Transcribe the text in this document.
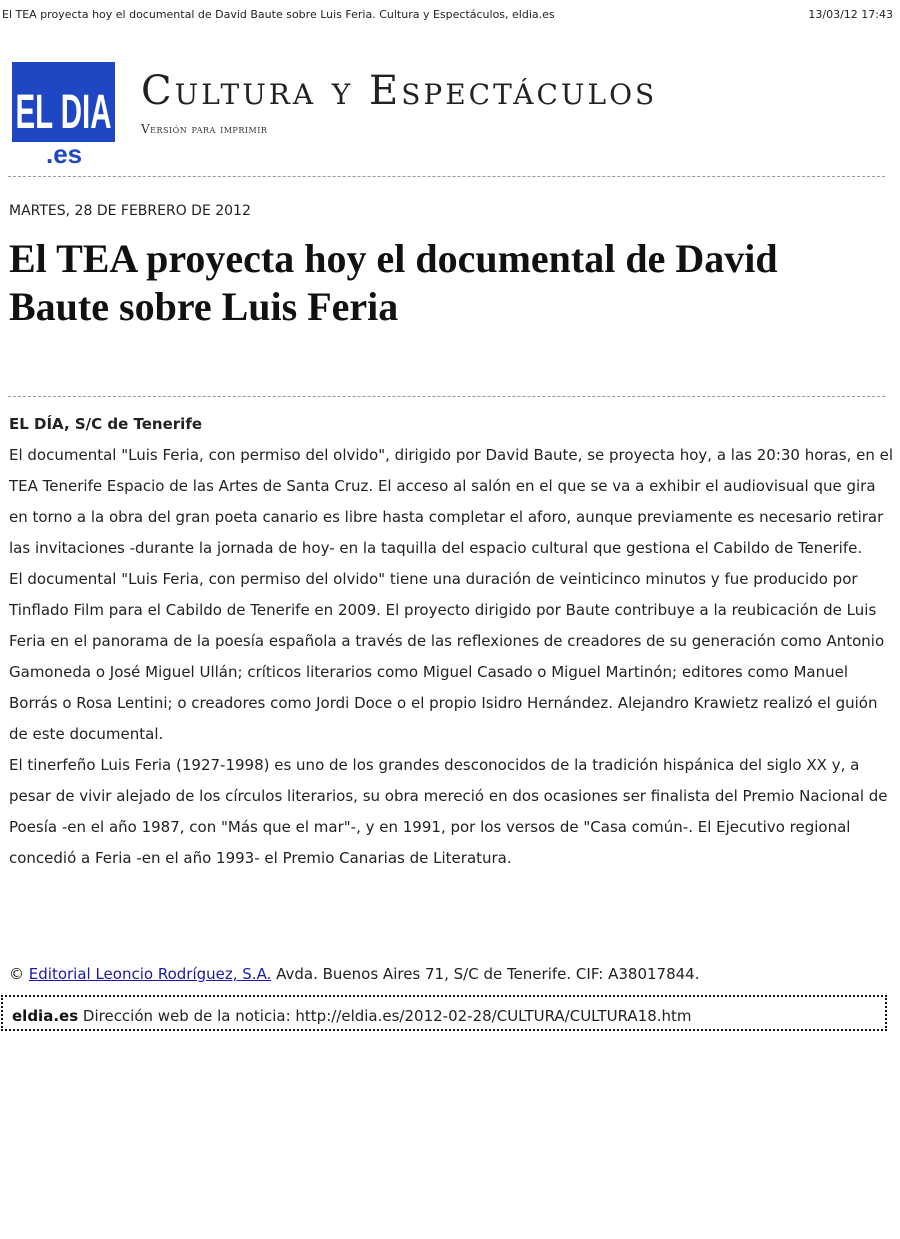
El TEA proyecta hoy el documental de David Baute sobre Luis Feria. Cultura y Espectáculos, eldia.es	13/03/12 17:43
EL DIA
.es
Cultura y Espectáculos
Versión para imprimir
MARTES, 28 DE FEBRERO DE 2012
El TEA proyecta hoy el documental de David Baute sobre Luis Feria
EL DÍA, S/C de Tenerife

El documental "Luis Feria, con permiso del olvido", dirigido por David Baute, se proyecta hoy, a las 20:30 horas, en el TEA Tenerife Espacio de las Artes de Santa Cruz. El acceso al salón en el que se va a exhibir el audiovisual que gira en torno a la obra del gran poeta canario es libre hasta completar el aforo, aunque previamente es necesario retirar las invitaciones -durante la jornada de hoy- en la taquilla del espacio cultural que gestiona el Cabildo de Tenerife.

El documental "Luis Feria, con permiso del olvido" tiene una duración de veinticinco minutos y fue producido por Tinflado Film para el Cabildo de Tenerife en 2009. El proyecto dirigido por Baute contribuye a la reubicación de Luis Feria en el panorama de la poesía española a través de las reflexiones de creadores de su generación como Antonio Gamoneda o José Miguel Ullán; críticos literarios como Miguel Casado o Miguel Martinón; editores como Manuel Borrás o Rosa Lentini; o creadores como Jordi Doce o el propio Isidro Hernández. Alejandro Krawietz realizó el guión de este documental.

El tinerfeño Luis Feria (1927-1998) es uno de los grandes desconocidos de la tradición hispánica del siglo XX y, a pesar de vivir alejado de los círculos literarios, su obra mereció en dos ocasiones ser finalista del Premio Nacional de Poesía -en el año 1987, con "Más que el mar"-, y en 1991, por los versos de "Casa común-. El Ejecutivo regional concedió a Feria -en el año 1993- el Premio Canarias de Literatura.

© Editorial Leoncio Rodríguez, S.A. Avda. Buenos Aires 71, S/C de Tenerife. CIF: A38017844.
eldia.es Dirección web de la noticia: http://eldia.es/2012-02-28/CULTURA/CULTURA18.htm
